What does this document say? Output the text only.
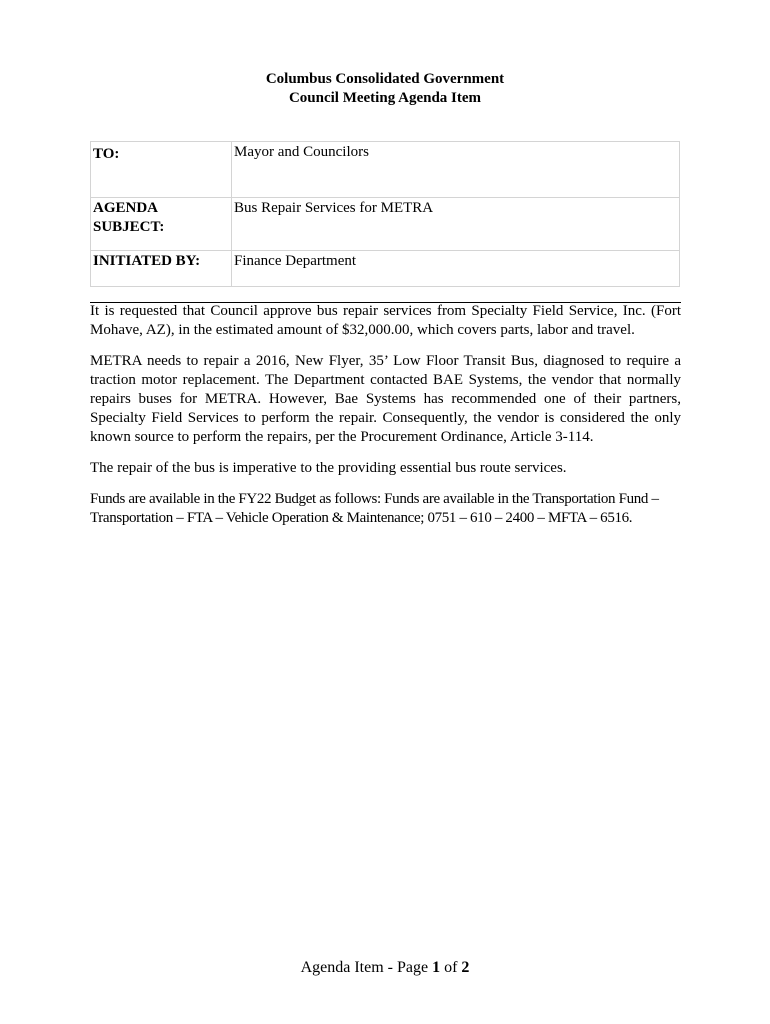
Columbus Consolidated Government
Council Meeting Agenda Item
TO:	Mayor and Councilors

AGENDA
SUBJECT:	Bus Repair Services for METRA
INITIATED BY:	Finance Department

It is requested that Council approve bus repair services from Specialty Field Service, Inc. (Fort Mohave, AZ), in the estimated amount of $32,000.00, which covers parts, labor and travel.

METRA needs to repair a 2016, New Flyer, 35’ Low Floor Transit Bus, diagnosed to require a traction motor replacement. The Department contacted BAE Systems, the vendor that normally repairs buses for METRA. However, Bae Systems has recommended one of their partners, Specialty Field Services to perform the repair. Consequently, the vendor is considered the only known source to perform the repairs, per the Procurement Ordinance, Article 3-114.

The repair of the bus is imperative to the providing essential bus route services.

Funds are available in the FY22 Budget as follows: Funds are available in the Transportation Fund – Transportation – FTA – Vehicle Operation & Maintenance; 0751 – 610 – 2400 – MFTA – 6516.

Agenda Item - Page 1 of 2
